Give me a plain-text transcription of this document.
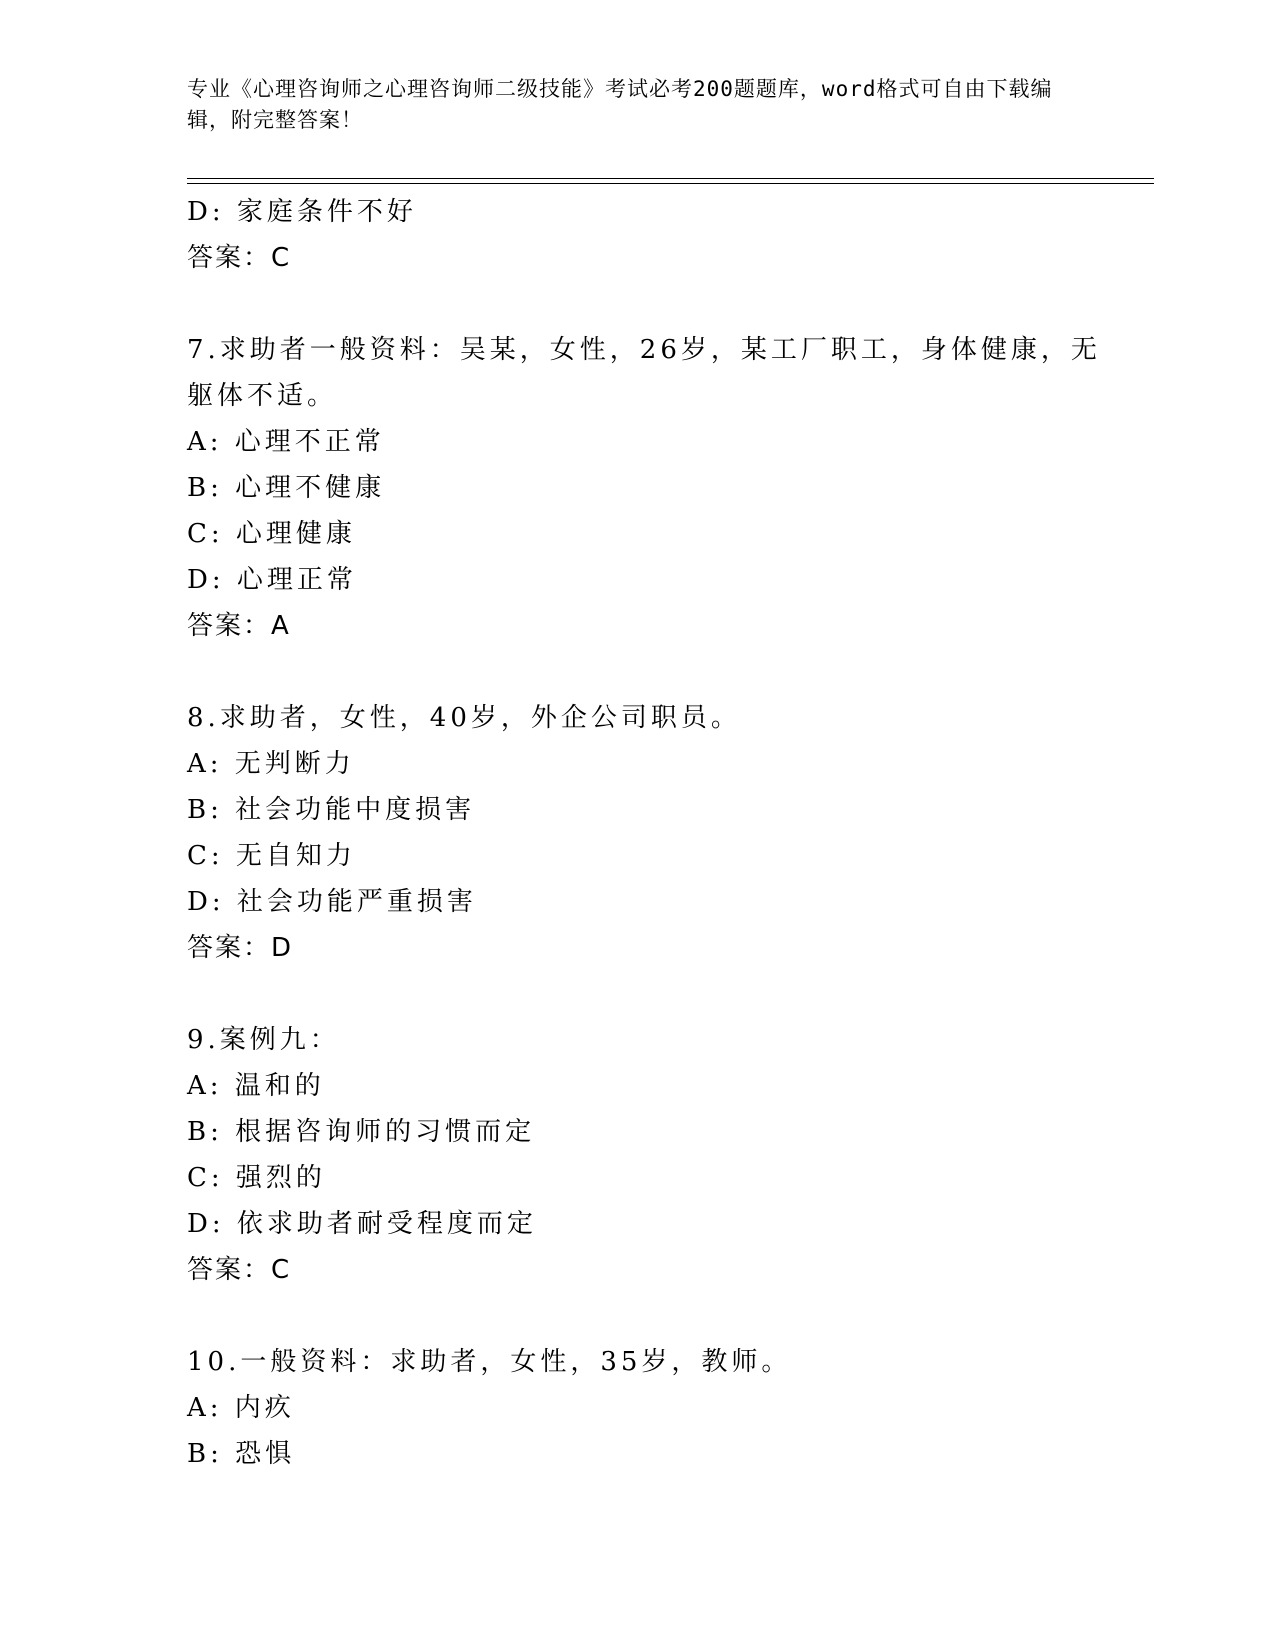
专业《心理咨询师之心理咨询师二级技能》考试必考200题题库，word格式可自由下载编辑，附完整答案！
D: 家庭条件不好
答案：C
7.求助者一般资料：吴某，女性，26岁，某工厂职工，身体健康，无
躯体不适。
A: 心理不正常
B: 心理不健康
C: 心理健康
D: 心理正常
答案：A
8.求助者，女性，40岁，外企公司职员。
A: 无判断力
B: 社会功能中度损害
C: 无自知力
D: 社会功能严重损害
答案：D
9.案例九：
A: 温和的
B: 根据咨询师的习惯而定
C: 强烈的
D: 依求助者耐受程度而定
答案：C
10.一般资料：求助者，女性，35岁，教师。
A: 内疚
B: 恐惧
